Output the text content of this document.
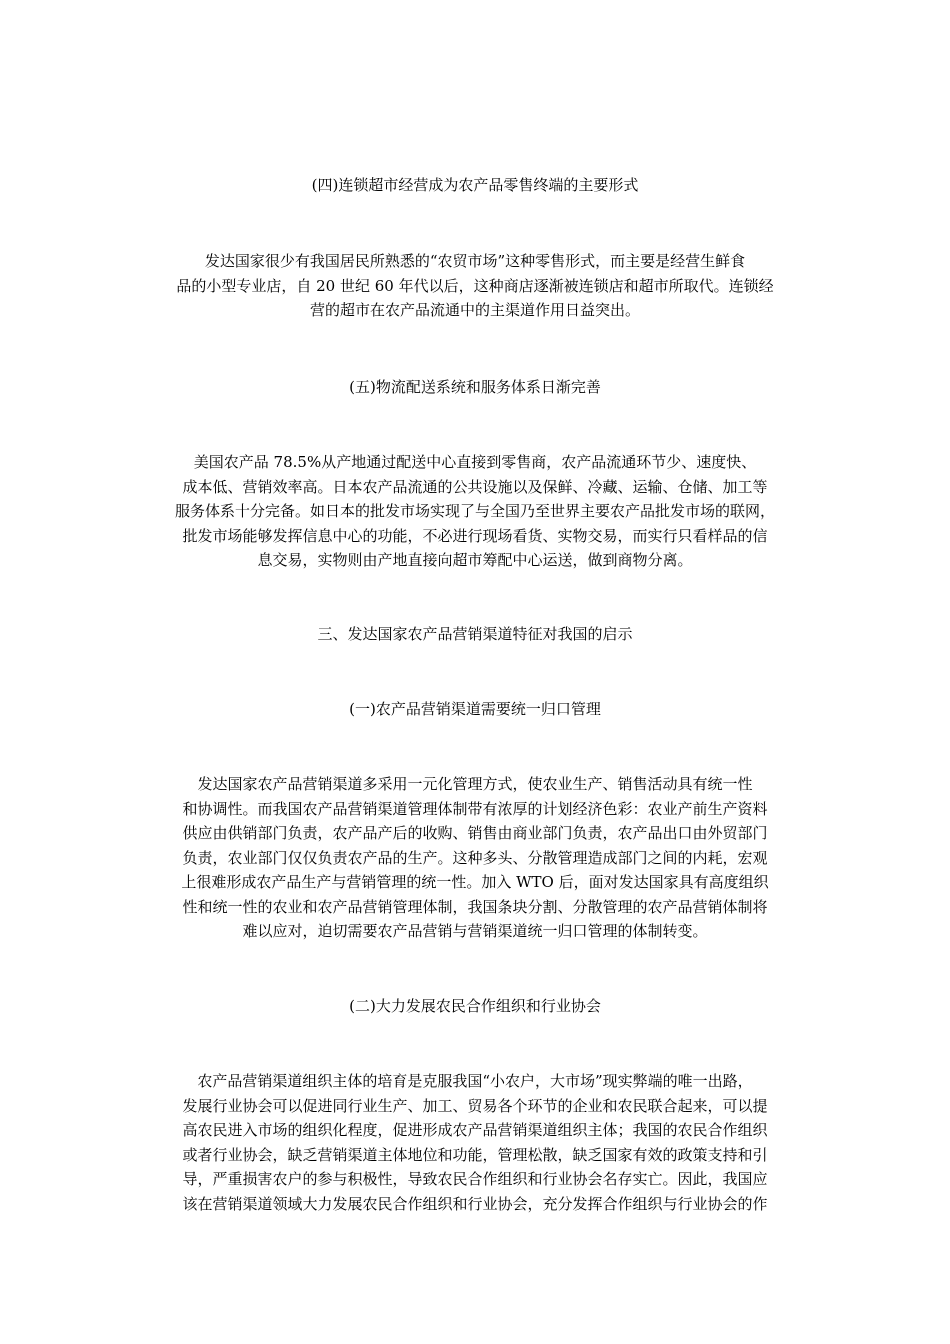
(四)连锁超市经营成为农产品零售终端的主要形式
发达国家很少有我国居民所熟悉的“农贸市场”这种零售形式，而主要是经营生鲜食
品的小型专业店，自 20 世纪 60 年代以后，这种商店逐渐被连锁店和超市所取代。连锁经
营的超市在农产品流通中的主渠道作用日益突出。
(五)物流配送系统和服务体系日渐完善
美国农产品 78.5%从产地通过配送中心直接到零售商，农产品流通环节少、速度快、
成本低、营销效率高。日本农产品流通的公共设施以及保鲜、冷藏、运输、仓储、加工等
服务体系十分完备。如日本的批发市场实现了与全国乃至世界主要农产品批发市场的联网，
批发市场能够发挥信息中心的功能，不必进行现场看货、实物交易，而实行只看样品的信
息交易，实物则由产地直接向超市筹配中心运送，做到商物分离。
三、发达国家农产品营销渠道特征对我国的启示
(一)农产品营销渠道需要统一归口管理
发达国家农产品营销渠道多采用一元化管理方式，使农业生产、销售活动具有统一性
和协调性。而我国农产品营销渠道管理体制带有浓厚的计划经济色彩：农业产前生产资料
供应由供销部门负责，农产品产后的收购、销售由商业部门负责，农产品出口由外贸部门
负责，农业部门仅仅负责农产品的生产。这种多头、分散管理造成部门之间的内耗，宏观
上很难形成农产品生产与营销管理的统一性。加入 WTO 后，面对发达国家具有高度组织
性和统一性的农业和农产品营销管理体制，我国条块分割、分散管理的农产品营销体制将
难以应对，迫切需要农产品营销与营销渠道统一归口管理的体制转变。
(二)大力发展农民合作组织和行业协会
农产品营销渠道组织主体的培育是克服我国“小农户，大市场”现实弊端的唯一出路，
发展行业协会可以促进同行业生产、加工、贸易各个环节的企业和农民联合起来，可以提
高农民进入市场的组织化程度，促进形成农产品营销渠道组织主体；我国的农民合作组织
或者行业协会，缺乏营销渠道主体地位和功能，管理松散，缺乏国家有效的政策支持和引
导，严重损害农户的参与积极性，导致农民合作组织和行业协会名存实亡。因此，我国应
该在营销渠道领域大力发展农民合作组织和行业协会，充分发挥合作组织与行业协会的作
